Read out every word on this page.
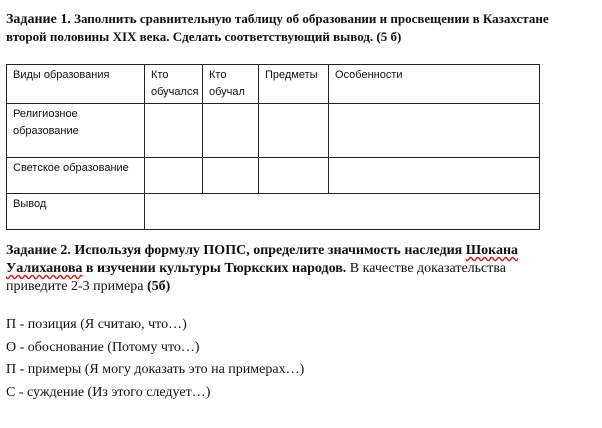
Задание 1. Заполнить сравнительную таблицу об образовании и просвещении в Казахстане
второй половины XIX века. Сделать соответствующий вывод. (5 б)
Виды образования	Кто обучался	Кто обучал	Предметы	Особенности
Религиозное образование				
Светское образование				
Вывод				
Задание 2. Используя формулу ПОПС, определите значимость наследия Шокана
Уалиханова в изучении культуры Тюркских народов. В качестве доказательства приведите 2-3 примера (5б)
П - позиция (Я считаю, что…)
О - обоснование (Потому что…)
П - примеры (Я могу доказать это на примерах…)
С - суждение (Из этого следует…)
